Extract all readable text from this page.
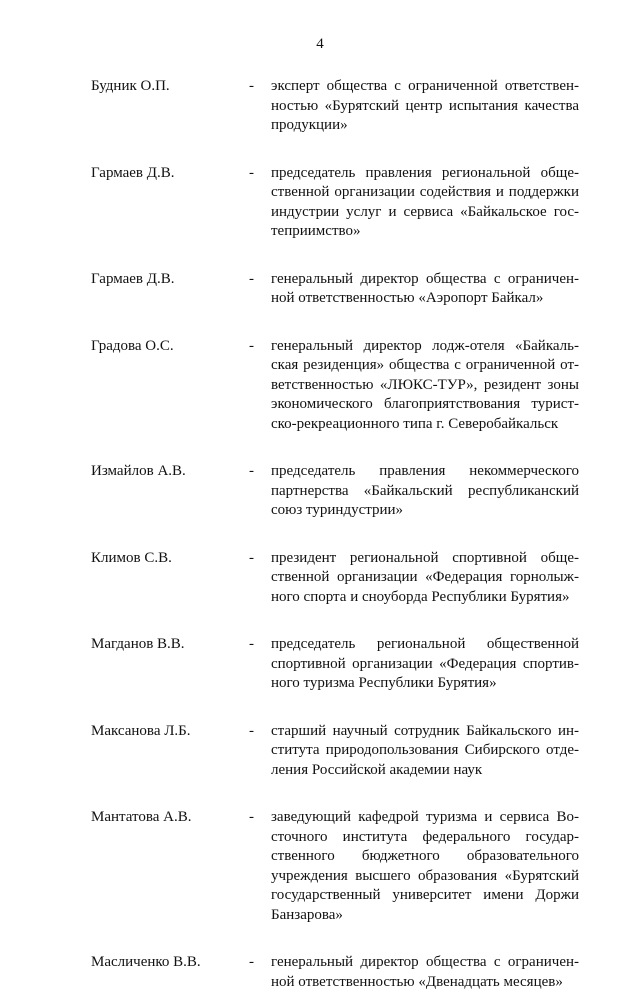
4
Будник О.П.	- эксперт общества с ограниченной ответствен-
ностью «Бурятский центр испытания качества
продукции»
Гармаев Д.В.	- председатель правления региональной обще-
ственной организации содействия и поддержки
индустрии услуг и сервиса «Байкальское гос-
теприимство»
Гармаев Д.В.	- генеральный директор общества с ограничен-
ной ответственностью «Аэропорт Байкал»
Градова О.С.	- генеральный директор лодж-отеля «Байкаль-
ская резиденция» общества с ограниченной от-
ветственностью «ЛЮКС-ТУР», резидент зоны
экономического благоприятствования турист-
ско-рекреационного типа г. Северобайкальск
Измайлов А.В.	- председатель правления некоммерческого
партнерства «Байкальский республиканский
союз туриндустрии»
Климов С.В.	- президент региональной спортивной обще-
ственной организации «Федерация горнолыж-
ного спорта и сноуборда Республики Бурятия»
Магданов В.В.	- председатель региональной общественной
спортивной организации «Федерация спортив-
ного туризма Республики Бурятия»
Максанова Л.Б.	- старший научный сотрудник Байкальского ин-
ститута природопользования Сибирского отде-
ления Российской академии наук
Мантатова А.В.	- заведующий кафедрой туризма и сервиса Во-
сточного института федерального государ-
ственного бюджетного образовательного
учреждения высшего образования «Бурятский
государственный университет имени Доржи
Банзарова»
Масличенко В.В.	- генеральный директор общества с ограничен-
ной ответственностью «Двенадцать месяцев»
